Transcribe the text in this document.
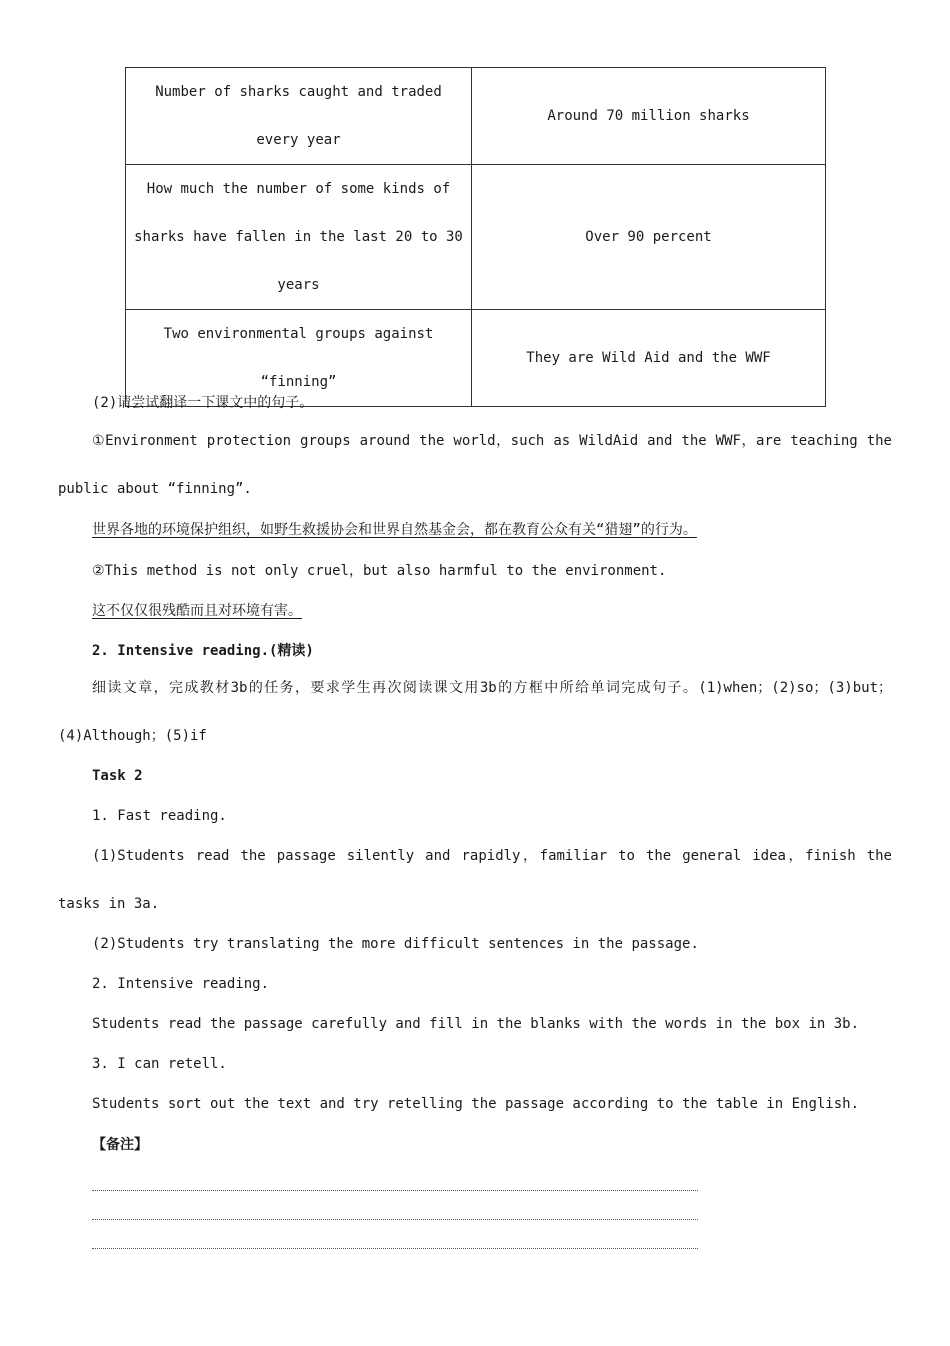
Number of sharks caught and traded every year	Around 70 million sharks
How much the number of some kinds of sharks have fallen in the last 20 to 30 years	Over 90 percent
Two environmental groups against “finning”	They are Wild Aid and the WWF
(2)请尝试翻译一下课文中的句子。
①Environment protection groups around the world，such as WildAid and the WWF，are teaching the public about “finning”.
世界各地的环境保护组织，如野生救援协会和世界自然基金会，都在教育公众有关“猎翅”的行为。
②This method is not only cruel，but also harmful to the environment.
这不仅仅很残酷而且对环境有害。
2. Intensive reading.(精读)
细读文章，完成教材3b的任务，要求学生再次阅读课文用3b的方框中所给单词完成句子。(1)when；(2)so；(3)but；(4)Although；(5)if
Task 2
1. Fast reading.
(1)Students read the passage silently and rapidly，familiar to the general idea，finish the tasks in 3a.
(2)Students try translating the more difficult sentences in the passage.
2. Intensive reading.
Students read the passage carefully and fill in the blanks with the words in the box in 3b.
3. I can retell.
Students sort out the text and try retelling the passage according to the table in English.
【备注】
